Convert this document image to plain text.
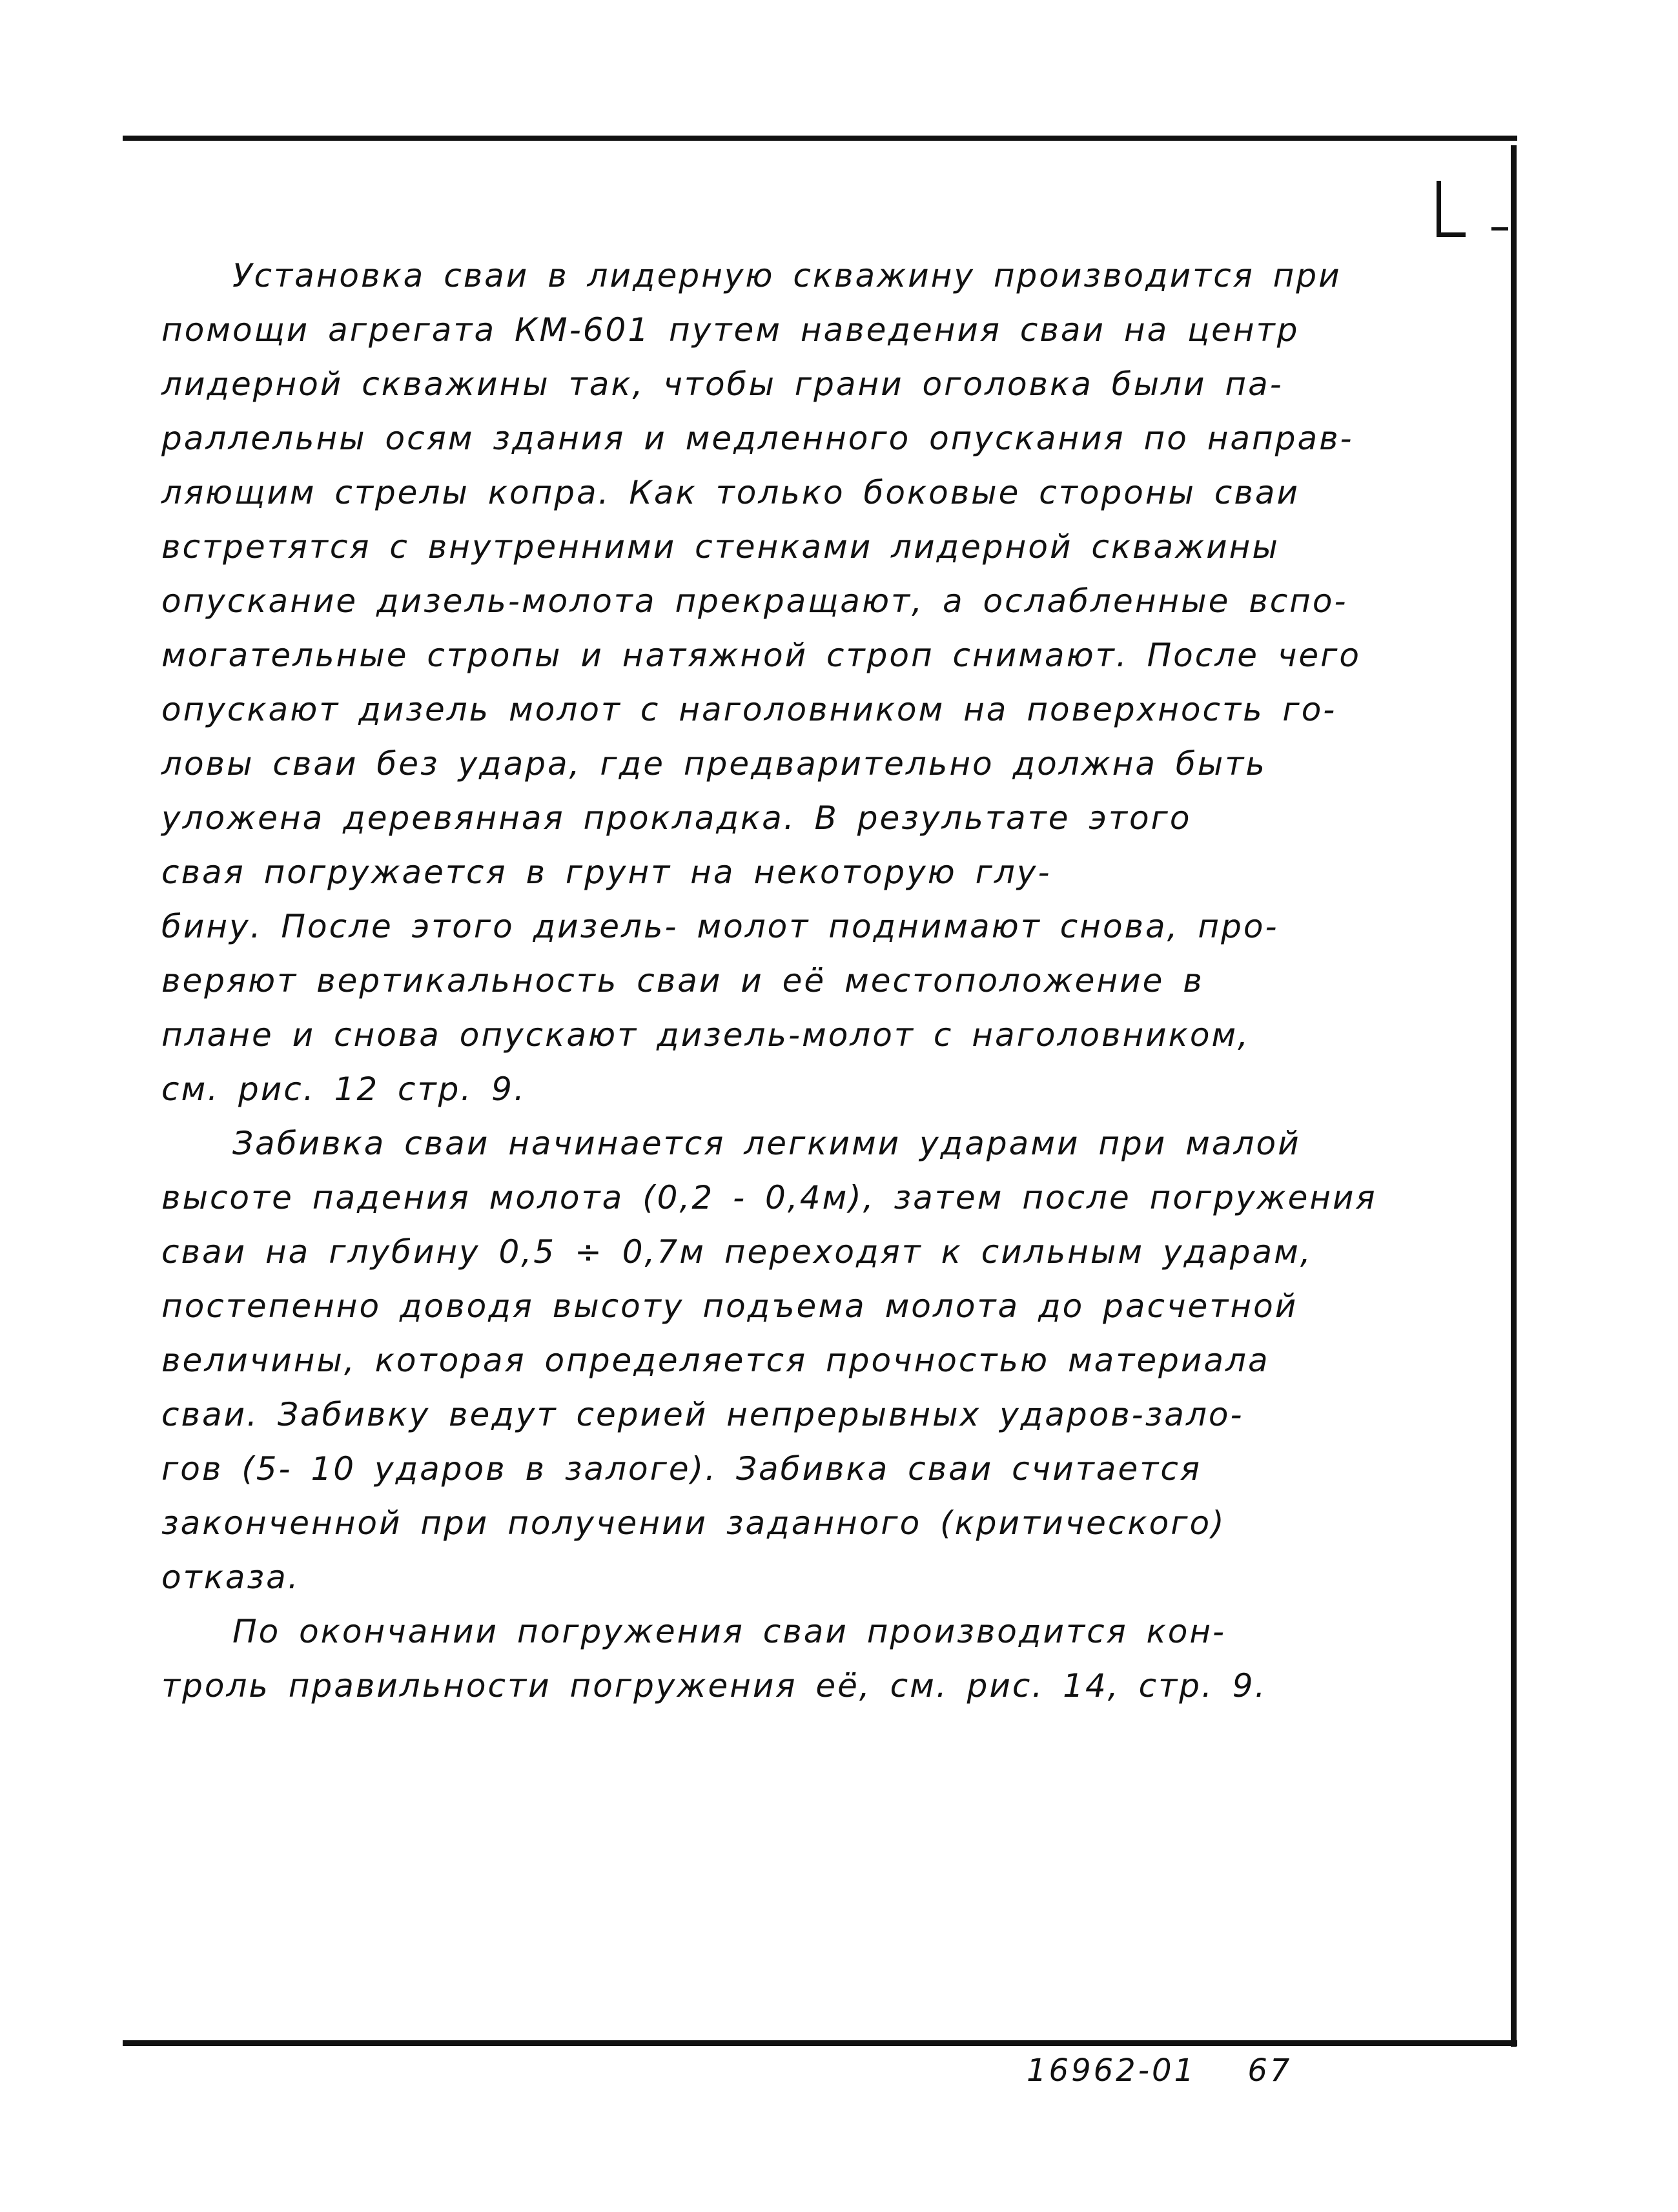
Установка сваи в лидерную скважину производится при
помощи агрегата КМ-601 путем наведения сваи на центр
лидерной скважины так, чтобы грани оголовка были па-
раллельны осям здания и медленного опускания по направ-
ляющим стрелы копра. Как только боковые стороны сваи
встретятся с внутренними стенками лидерной скважины
опускание дизель-молота прекращают, а ослабленные вспо-
могательные стропы и натяжной строп снимают. После чего
опускают дизель молот с наголовником на поверхность го-
ловы сваи без удара, где предварительно должна быть
уложена деревянная прокладка. В результате этого
свая погружается в грунт на некоторую глу-
бину. После этого дизель- молот поднимают снова, про-
веряют вертикальность сваи и её местоположение в
плане и снова опускают дизель-молот с наголовником,
см. рис. 12 стр. 9.
Забивка сваи начинается легкими ударами при малой
высоте падения молота (0,2 - 0,4м), затем после погружения
сваи на глубину 0,5 ÷ 0,7м переходят к сильным ударам,
постепенно доводя высоту подъема молота до расчетной
величины, которая определяется прочностью материала
сваи. Забивку ведут серией непрерывных ударов-зало-
гов (5- 10 ударов в залоге). Забивка сваи считается
законченной при получении заданного (критического)
отказа.
По окончании погружения сваи производится кон-
троль правильности погружения её, см. рис. 14, стр. 9.
16962-01 67
